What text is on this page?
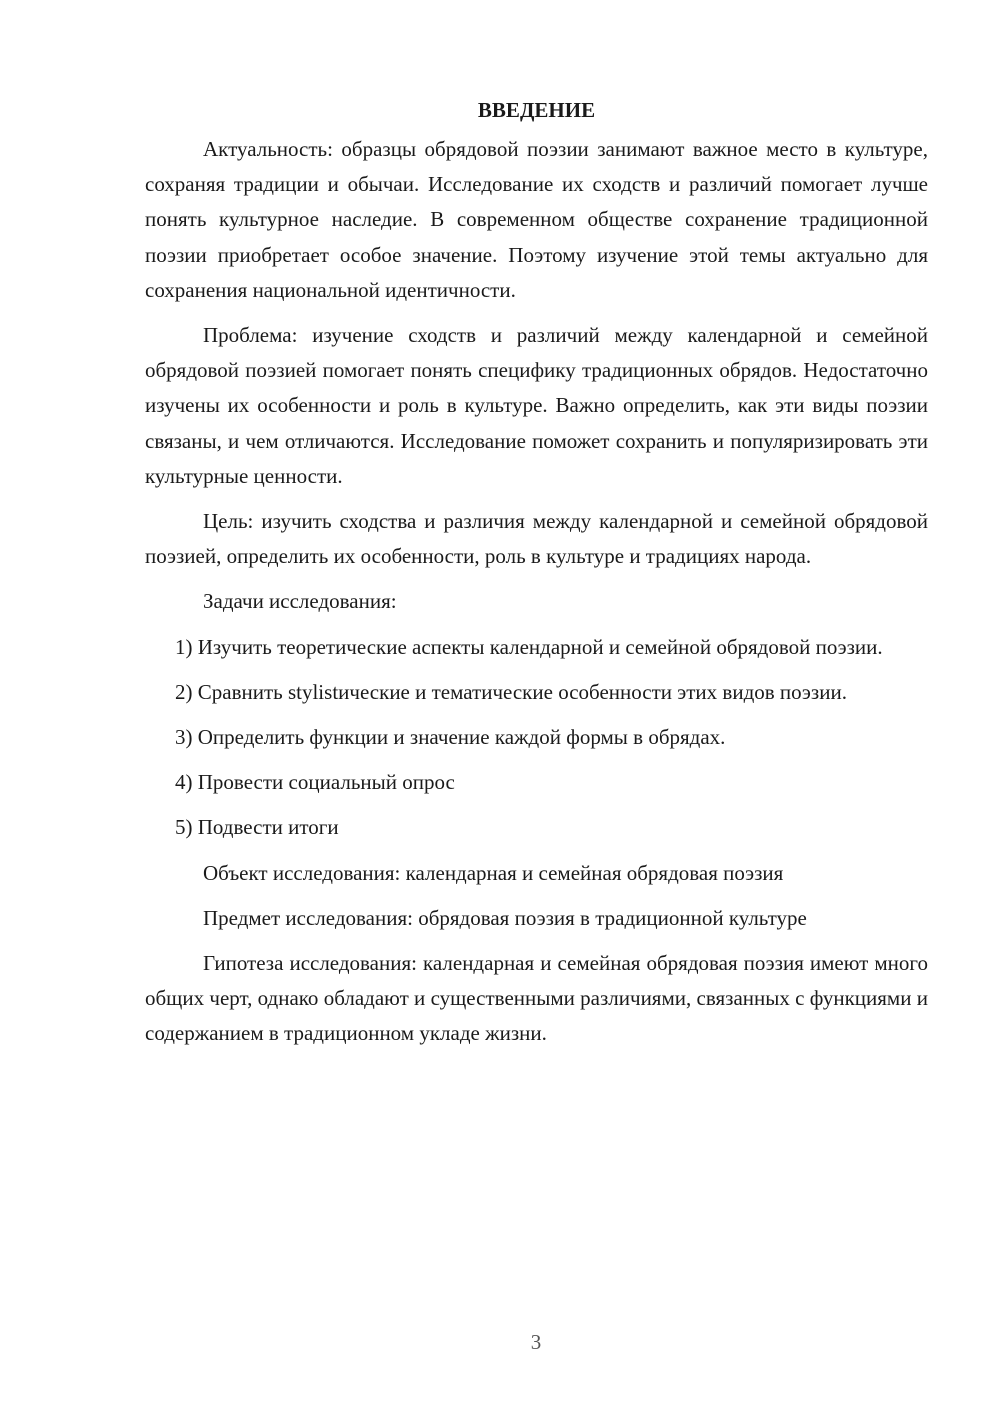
ВВЕДЕНИЕ

Актуальность: образцы обрядовой поэзии занимают важное место в культуре, сохраняя традиции и обычаи. Исследование их сходств и различий помогает лучше понять культурное наследие. В современном обществе сохранение традиционной поэзии приобретает особое значение. Поэтому изучение этой темы актуально для сохранения национальной идентичности.

Проблема: изучение сходств и различий между календарной и семейной обрядовой поэзией помогает понять специфику традиционных обрядов. Недостаточно изучены их особенности и роль в культуре. Важно определить, как эти виды поэзии связаны, и чем отличаются. Исследование поможет сохранить и популяризировать эти культурные ценности.

Цель: изучить сходства и различия между календарной и семейной обрядовой поэзией, определить их особенности, роль в культуре и традициях народа.

Задачи исследования:

1) Изучить теоретические аспекты календарной и семейной обрядовой поэзии.

2) Сравнить stylistические и тематические особенности этих видов поэзии.

3) Определить функции и значение каждой формы в обрядах.

4) Провести социальный опрос

5) Подвести итоги

Объект исследования: календарная и семейная обрядовая поэзия

Предмет исследования: обрядовая поэзия в традиционной культуре

Гипотеза исследования: календарная и семейная обрядовая поэзия имеют много общих черт, однако обладают и существенными различиями, связанных с функциями и содержанием в традиционном укладе жизни.

3
